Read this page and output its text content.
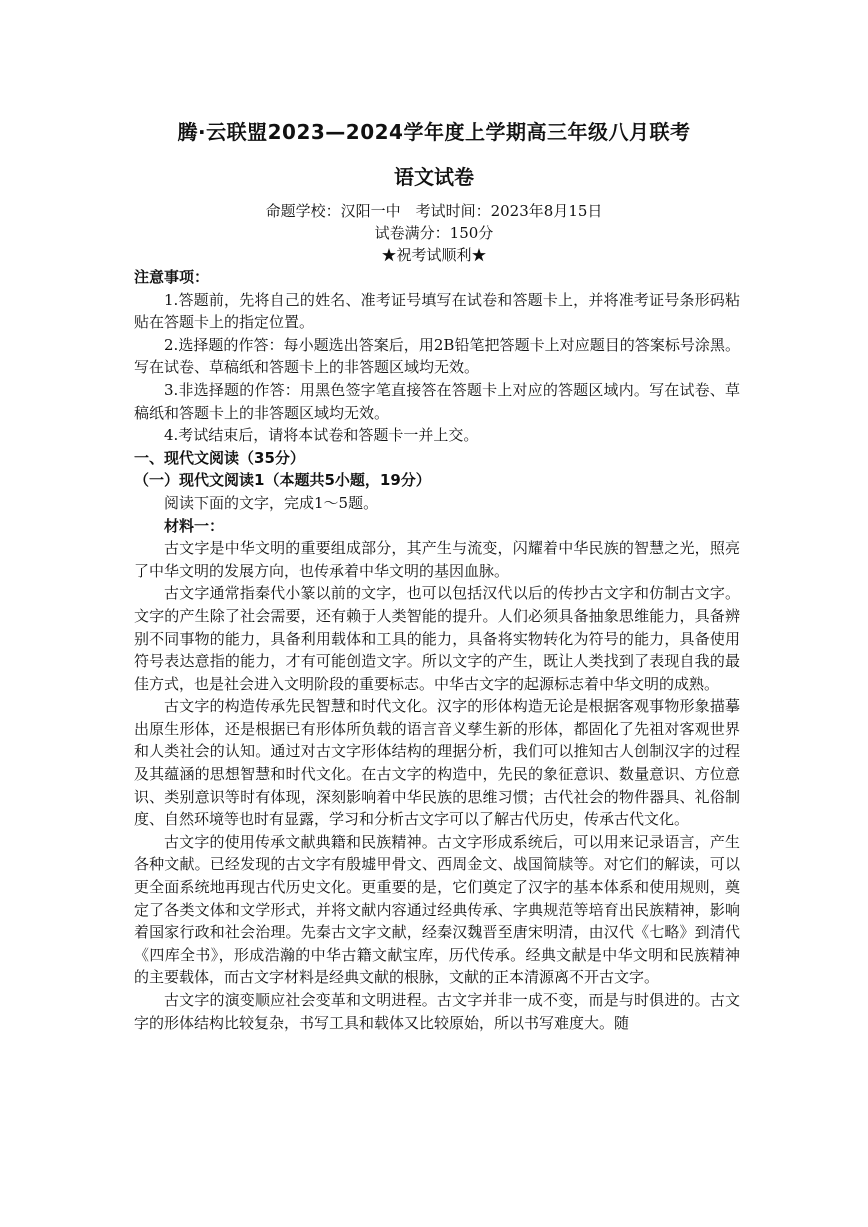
腾·云联盟2023—2024学年度上学期高三年级八月联考
语文试卷
命题学校：汉阳一中　考试时间：2023年8月15日
试卷满分：150分
★祝考试顺利★

注意事项：

1.答题前，先将自己的姓名、准考证号填写在试卷和答题卡上，并将准考证号条形码粘贴在答题卡上的指定位置。

2.选择题的作答：每小题选出答案后，用2B铅笔把答题卡上对应题目的答案标号涂黑。写在试卷、草稿纸和答题卡上的非答题区域均无效。

3.非选择题的作答：用黑色签字笔直接答在答题卡上对应的答题区域内。写在试卷、草稿纸和答题卡上的非答题区域均无效。

4.考试结束后，请将本试卷和答题卡一并上交。

一、现代文阅读（35分）

（一）现代文阅读1（本题共5小题，19分）

阅读下面的文字，完成1～5题。

材料一：

古文字是中华文明的重要组成部分，其产生与流变，闪耀着中华民族的智慧之光，照亮了中华文明的发展方向，也传承着中华文明的基因血脉。

古文字通常指秦代小篆以前的文字，也可以包括汉代以后的传抄古文字和仿制古文字。文字的产生除了社会需要，还有赖于人类智能的提升。人们必须具备抽象思维能力，具备辨别不同事物的能力，具备利用载体和工具的能力，具备将实物转化为符号的能力，具备使用符号表达意指的能力，才有可能创造文字。所以文字的产生，既让人类找到了表现自我的最佳方式，也是社会进入文明阶段的重要标志。中华古文字的起源标志着中华文明的成熟。

古文字的构造传承先民智慧和时代文化。汉字的形体构造无论是根据客观事物形象描摹出原生形体，还是根据已有形体所负载的语言音义孳生新的形体，都固化了先祖对客观世界和人类社会的认知。通过对古文字形体结构的理据分析，我们可以推知古人创制汉字的过程及其蕴涵的思想智慧和时代文化。在古文字的构造中，先民的象征意识、数量意识、方位意识、类别意识等时有体现，深刻影响着中华民族的思维习惯；古代社会的物件器具、礼俗制度、自然环境等也时有显露，学习和分析古文字可以了解古代历史，传承古代文化。

古文字的使用传承文献典籍和民族精神。古文字形成系统后，可以用来记录语言，产生各种文献。已经发现的古文字有殷墟甲骨文、西周金文、战国简牍等。对它们的解读，可以更全面系统地再现古代历史文化。更重要的是，它们奠定了汉字的基本体系和使用规则，奠定了各类文体和文学形式，并将文献内容通过经典传承、字典规范等培育出民族精神，影响着国家行政和社会治理。先秦古文字文献，经秦汉魏晋至唐宋明清，由汉代《七略》到清代《四库全书》，形成浩瀚的中华古籍文献宝库，历代传承。经典文献是中华文明和民族精神的主要载体，而古文字材料是经典文献的根脉，文献的正本清源离不开古文字。

古文字的演变顺应社会变革和文明进程。古文字并非一成不变，而是与时俱进的。古文字的形体结构比较复杂，书写工具和载体又比较原始，所以书写难度大。随
